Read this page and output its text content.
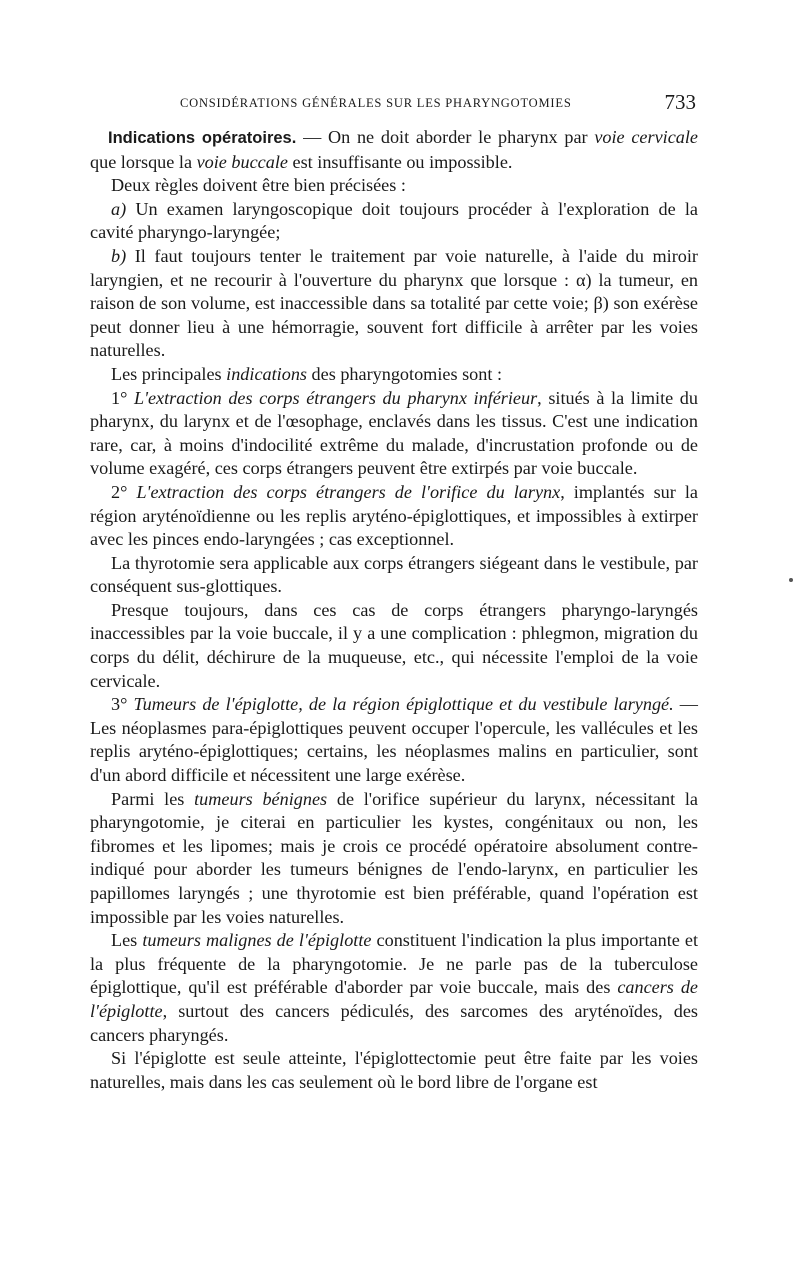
CONSIDÉRATIONS GÉNÉRALES SUR LES PHARYNGOTOMIES	733

Indications opératoires. — On ne doit aborder le pharynx par voie cervicale que lorsque la voie buccale est insuffisante ou impossible.

Deux règles doivent être bien précisées :

a) Un examen laryngoscopique doit toujours procéder à l'exploration de la cavité pharyngo-laryngée;

b) Il faut toujours tenter le traitement par voie naturelle, à l'aide du miroir laryngien, et ne recourir à l'ouverture du pharynx que lorsque : α) la tumeur, en raison de son volume, est inaccessible dans sa totalité par cette voie; β) son exérèse peut donner lieu à une hémorragie, souvent fort difficile à arrêter par les voies naturelles.

Les principales indications des pharyngotomies sont :

1° L'extraction des corps étrangers du pharynx inférieur, situés à la limite du pharynx, du larynx et de l'œsophage, enclavés dans les tissus. C'est une indication rare, car, à moins d'indocilité extrême du malade, d'incrustation profonde ou de volume exagéré, ces corps étrangers peuvent être extirpés par voie buccale.

2° L'extraction des corps étrangers de l'orifice du larynx, implantés sur la région aryténoïdienne ou les replis aryténo-épiglottiques, et impossibles à extirper avec les pinces endo-laryngées ; cas exceptionnel.

La thyrotomie sera applicable aux corps étrangers siégeant dans le vestibule, par conséquent sus-glottiques.

Presque toujours, dans ces cas de corps étrangers pharyngo-laryngés inaccessibles par la voie buccale, il y a une complication : phlegmon, migration du corps du délit, déchirure de la muqueuse, etc., qui nécessite l'emploi de la voie cervicale.

3° Tumeurs de l'épiglotte, de la région épiglottique et du vestibule laryngé. — Les néoplasmes para-épiglottiques peuvent occuper l'opercule, les vallécules et les replis aryténo-épiglottiques; certains, les néoplasmes malins en particulier, sont d'un abord difficile et nécessitent une large exérèse.

Parmi les tumeurs bénignes de l'orifice supérieur du larynx, nécessitant la pharyngotomie, je citerai en particulier les kystes, congénitaux ou non, les fibromes et les lipomes; mais je crois ce procédé opératoire absolument contre-indiqué pour aborder les tumeurs bénignes de l'endo-larynx, en particulier les papillomes laryngés ; une thyrotomie est bien préférable, quand l'opération est impossible par les voies naturelles.

Les tumeurs malignes de l'épiglotte constituent l'indication la plus importante et la plus fréquente de la pharyngotomie. Je ne parle pas de la tuberculose épiglottique, qu'il est préférable d'aborder par voie buccale, mais des cancers de l'épiglotte, surtout des cancers pédiculés, des sarcomes des aryténoïdes, des cancers pharyngés.

Si l'épiglotte est seule atteinte, l'épiglottectomie peut être faite par les voies naturelles, mais dans les cas seulement où le bord libre de l'organe est
